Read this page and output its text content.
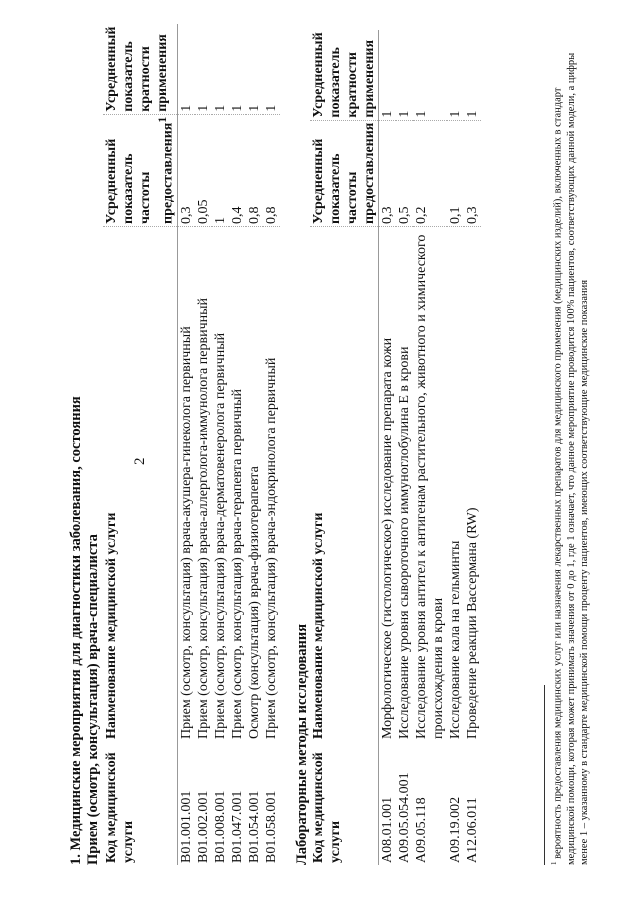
2
1. Медицинские мероприятия для диагностики заболевания, состояния Прием (осмотр, консультация) врача-специалиста Код медицинской услуги	Наименование медицинской услуги	Усредненный показатель частоты предоставления$^1$	Усредненный показатель кратности применения
B01.001.001	Прием (осмотр, консультация) врача-акушера-гинеколога первичный	0,3	1
B01.002.001	Прием (осмотр, консультация) врача-аллерголога-иммунолога первичный	0,05	1
B01.008.001	Прием (осмотр, консультация) врача-дерматовенеролога первичный	1	1
B01.047.001	Прием (осмотр, консультация) врача-терапевта первичный	0,4	1
B01.054.001	Осмотр (консультация) врача-физиотерапевта	0,8	1
B01.058.001	Прием (осмотр, консультация) врача-эндокринолога первичный	0,8	1
Лабораторные методы исследования Код медицинской услуги	Наименование медицинской услуги	Усредненный показатель частоты предоставления	Усредненный показатель кратности применения
A08.01.001	Морфологическое (гистологическое) исследование препарата кожи	0,3	1
A09.05.054.001	Исследование уровня сывороточного иммуноглобулина Е в крови	0,5	1
A09.05.118	Исследование уровня антител к антигенам растительного, животного и химического происхождения в крови	0,2	1
A09.19.002	Исследование кала на гельминты	0,1	1
A12.06.011	Проведение реакции Вассермана (RW)	0,3	1
$^1$ вероятность предоставления медицинских услуг или назначения лекарственных препаратов для медицинского применения (медицинских изделий), включенных в стандарт медицинской помощи, которая может принимать значения от 0 до 1, где 1 означает, что данное мероприятие проводится 100% пациентов, соответствующих данной модели, а цифры менее 1 – указанному в стандарте медицинской помощи проценту пациентов, имеющих соответствующие медицинские показания
